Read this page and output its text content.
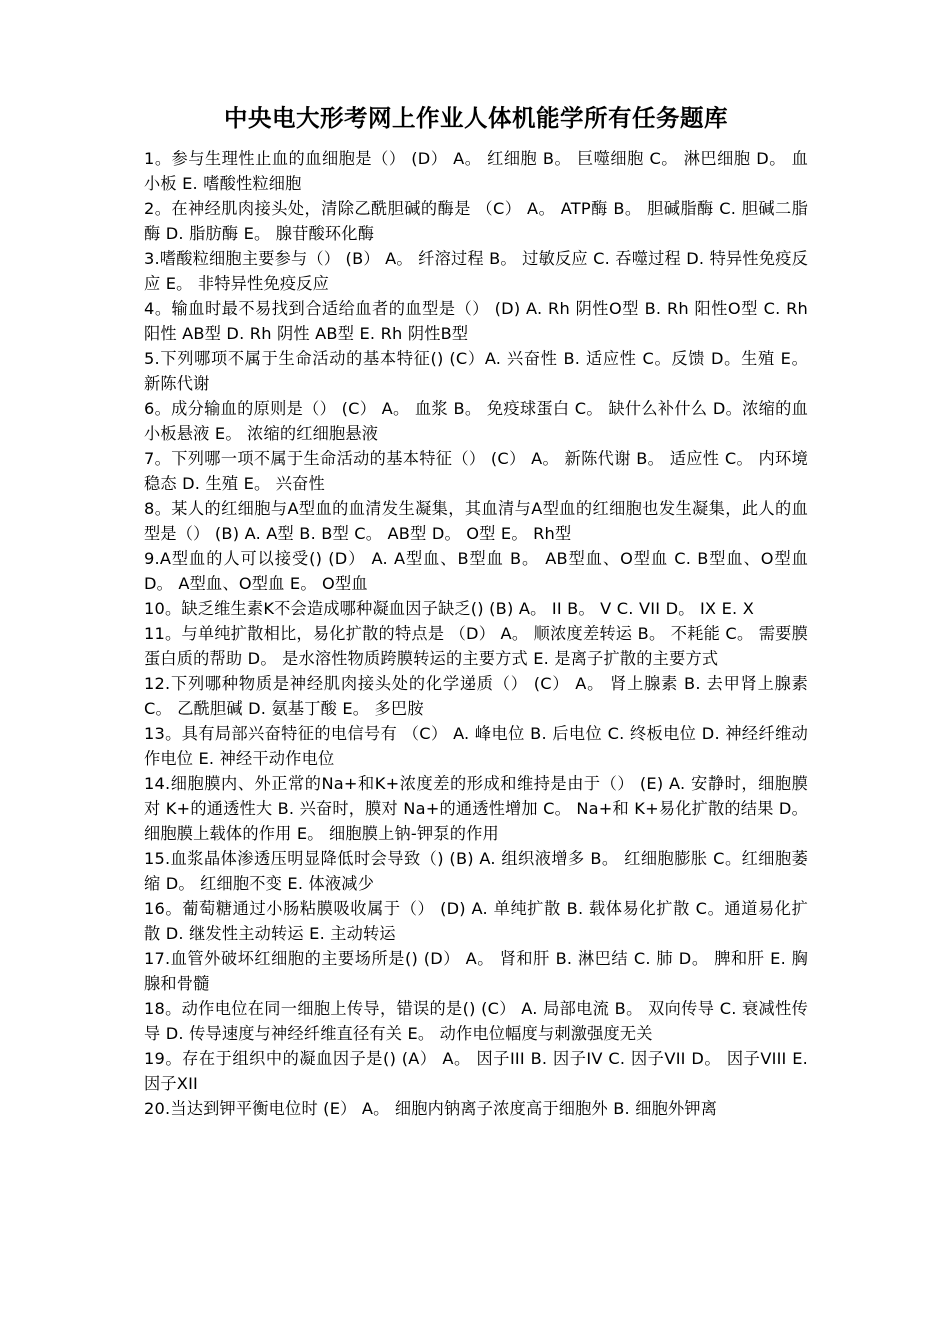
中央电大形考网上作业人体机能学所有任务题库

1。参与生理性止血的血细胞是（） (D） A。 红细胞 B。 巨噬细胞 C。 淋巴细胞 D。 血小板 E. 嗜酸性粒细胞

2。在神经肌肉接头处，清除乙酰胆碱的酶是 （C） A。 ATP酶 B。 胆碱脂酶 C. 胆碱二脂酶 D. 脂肪酶 E。 腺苷酸环化酶

3.嗜酸粒细胞主要参与（） (B） A。 纤溶过程 B。 过敏反应 C. 吞噬过程 D. 特异性免疫反应 E。 非特异性免疫反应

4。输血时最不易找到合适给血者的血型是（） (D) A. Rh 阴性O型 B. Rh 阳性O型 C. Rh 阳性 AB型 D. Rh 阴性 AB型 E. Rh 阴性B型

5.下列哪项不属于生命活动的基本特征() (C）A. 兴奋性 B. 适应性 C。反馈 D。生殖 E。 新陈代谢

6。成分输血的原则是（） (C） A。 血浆 B。 免疫球蛋白 C。 缺什么补什么 D。浓缩的血小板悬液 E。 浓缩的红细胞悬液

7。下列哪一项不属于生命活动的基本特征（） (C） A。 新陈代谢 B。 适应性 C。 内环境稳态 D. 生殖 E。 兴奋性

8。某人的红细胞与A型血的血清发生凝集，其血清与A型血的红细胞也发生凝集，此人的血型是（） (B) A. A型 B. B型 C。 AB型 D。 O型 E。 Rh型

9.A型血的人可以接受() (D） A. A型血、B型血 B。 AB型血、O型血 C. B型血、O型血 D。 A型血、O型血 E。 O型血

10。缺乏维生素K不会造成哪种凝血因子缺乏() (B) A。 II B。 V C. VII D。 IX E. X

11。与单纯扩散相比，易化扩散的特点是 （D） A。 顺浓度差转运 B。 不耗能 C。 需要膜蛋白质的帮助 D。 是水溶性物质跨膜转运的主要方式 E. 是离子扩散的主要方式

12.下列哪种物质是神经肌肉接头处的化学递质（） (C） A。 肾上腺素 B. 去甲肾上腺素 C。 乙酰胆碱 D. 氨基丁酸 E。 多巴胺

13。具有局部兴奋特征的电信号有 （C） A. 峰电位 B. 后电位 C. 终板电位 D. 神经纤维动作电位 E. 神经干动作电位

14.细胞膜内、外正常的Na+和K+浓度差的形成和维持是由于（） (E) A. 安静时，细胞膜对 K+的通透性大 B. 兴奋时，膜对 Na+的通透性增加 C。 Na+和 K+易化扩散的结果 D。 细胞膜上载体的作用 E。 细胞膜上钠-钾泵的作用

15.血浆晶体渗透压明显降低时会导致（) (B) A. 组织液增多 B。 红细胞膨胀 C。红细胞萎缩 D。 红细胞不变 E. 体液减少

16。葡萄糖通过小肠粘膜吸收属于（） (D) A. 单纯扩散 B. 载体易化扩散 C。通道易化扩散 D. 继发性主动转运 E. 主动转运

17.血管外破坏红细胞的主要场所是() (D） A。 肾和肝 B. 淋巴结 C. 肺 D。 脾和肝 E. 胸腺和骨髓

18。动作电位在同一细胞上传导，错误的是() (C） A. 局部电流 B。 双向传导 C. 衰减性传导 D. 传导速度与神经纤维直径有关 E。 动作电位幅度与刺激强度无关

19。存在于组织中的凝血因子是() (A） A。 因子III B. 因子IV C. 因子VII D。 因子VIII E. 因子XII

20.当达到钾平衡电位时 (E） A。 细胞内钠离子浓度高于细胞外 B. 细胞外钾离
